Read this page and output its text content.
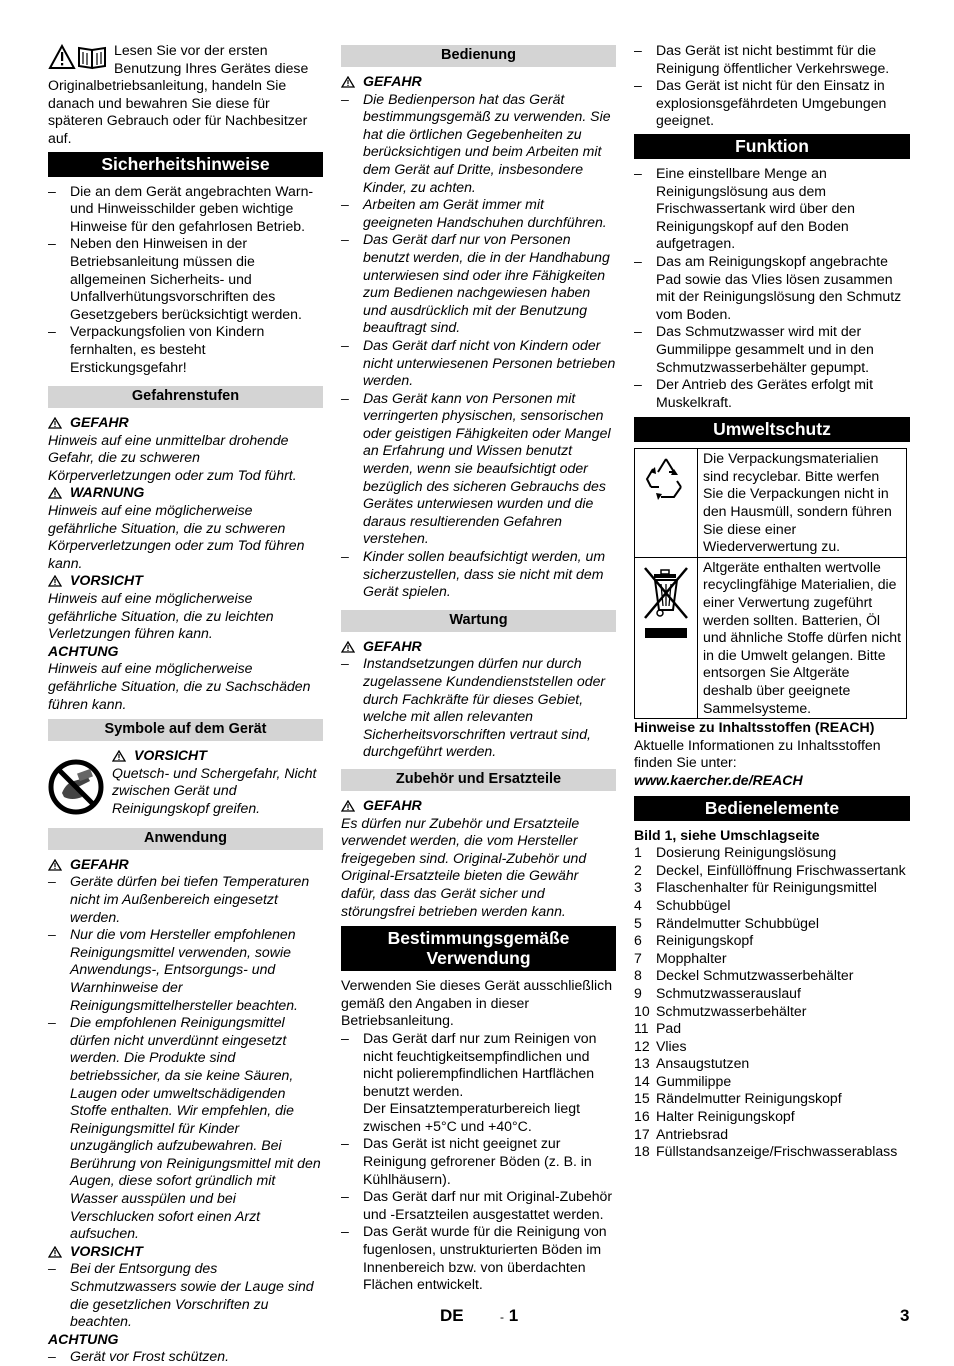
Lesen Sie vor der ersten Benutzung Ihres Gerätes diese Originalbetriebsanleitung, handeln Sie danach und bewahren Sie diese für späteren Gebrauch oder für Nachbesitzer auf.

Sicherheitshinweise

– Die an dem Gerät angebrachten Warn- und Hinweisschilder geben wichtige Hinweise für den gefahrlosen Betrieb.

– Neben den Hinweisen in der Betriebsanleitung müssen die allgemeinen Sicherheits- und Unfallverhütungsvorschriften des Gesetzgebers berücksichtigt werden.

– Verpackungsfolien von Kindern fernhalten, es besteht Erstickungsgefahr!

Gefahrenstufen
GEFAHR

Hinweis auf eine unmittelbar drohende Gefahr, die zu schweren Körperverletzungen oder zum Tod führt.

WARNUNG

Hinweis auf eine möglicherweise gefährliche Situation, die zu schweren Körperverletzungen oder zum Tod führen kann.

VORSICHT

Hinweis auf eine möglicherweise gefährliche Situation, die zu leichten Verletzungen führen kann.

ACHTUNG

Hinweis auf eine möglicherweise gefährliche Situation, die zu Sachschäden führen kann.

Symbole auf dem Gerät
VORSICHT

Quetsch- und Schergefahr, Nicht zwischen Gerät und Reinigungskopf greifen.

Anwendung
GEFAHR

– Geräte dürfen bei tiefen Temperaturen nicht im Außenbereich eingesetzt werden.

– Nur die vom Hersteller empfohlenen Reinigungsmittel verwenden, sowie Anwendungs-, Entsorgungs- und Warnhinweise der Reinigungsmittelhersteller beachten.

– Die empfohlenen Reinigungsmittel dürfen nicht unverdünnt eingesetzt werden. Die Produkte sind betriebssicher, da sie keine Säuren, Laugen oder umweltschädigenden Stoffe enthalten. Wir empfehlen, die Reinigungsmittel für Kinder unzugänglich aufzubewahren. Bei Berührung von Reinigungsmittel mit den Augen, diese sofort gründlich mit Wasser ausspülen und bei Verschlucken sofort einen Arzt aufsuchen.

VORSICHT

– Bei der Entsorgung des Schmutzwassers sowie der Lauge sind die gesetzlichen Vorschriften zu beachten.

ACHTUNG

– Gerät vor Frost schützen.

Bedienung
GEFAHR

– Die Bedienperson hat das Gerät bestimmungsgemäß zu verwenden. Sie hat die örtlichen Gegebenheiten zu berücksichtigen und beim Arbeiten mit dem Gerät auf Dritte, insbesondere Kinder, zu achten.

– Arbeiten am Gerät immer mit geeigneten Handschuhen durchführen.

– Das Gerät darf nur von Personen benutzt werden, die in der Handhabung unterwiesen sind oder ihre Fähigkeiten zum Bedienen nachgewiesen haben und ausdrücklich mit der Benutzung beauftragt sind.

– Das Gerät darf nicht von Kindern oder nicht unterwiesenen Personen betrieben werden.

– Das Gerät kann von Personen mit verringerten physischen, sensorischen oder geistigen Fähigkeiten oder Mangel an Erfahrung und Wissen benutzt werden, wenn sie beaufsichtigt oder bezüglich des sicheren Gebrauchs des Gerätes unterwiesen wurden und die daraus resultierenden Gefahren verstehen.

– Kinder sollen beaufsichtigt werden, um sicherzustellen, dass sie nicht mit dem Gerät spielen.

Wartung
GEFAHR

– Instandsetzungen dürfen nur durch zugelassene Kundendienststellen oder durch Fachkräfte für dieses Gebiet, welche mit allen relevanten Sicherheitsvorschriften vertraut sind, durchgeführt werden.

Zubehör und Ersatzteile
GEFAHR

Es dürfen nur Zubehör und Ersatzteile verwendet werden, die vom Hersteller freigegeben sind. Original-Zubehör und Original-Ersatzteile bieten die Gewähr dafür, dass das Gerät sicher und störungsfrei betrieben werden kann.

Bestimmungsgemäße
Verwendung

Verwenden Sie dieses Gerät ausschließlich gemäß den Angaben in dieser Betriebsanleitung.

– Das Gerät darf nur zum Reinigen von nicht feuchtigkeitsempfindlichen und nicht polierempfindlichen Hartflächen benutzt werden.

Der Einsatztemperaturbereich liegt zwischen +5°C und +40°C.

– Das Gerät ist nicht geeignet zur Reinigung gefrorener Böden (z. B. in Kühlhäusern).

– Das Gerät darf nur mit Original-Zubehör und -Ersatzteilen ausgestattet werden.

– Das Gerät wurde für die Reinigung von fugenlosen, unstrukturierten Böden im Innenbereich bzw. von überdachten Flächen entwickelt.

– Das Gerät ist nicht bestimmt für die Reinigung öffentlicher Verkehrswege.

– Das Gerät ist nicht für den Einsatz in explosionsgefährdeten Umgebungen geeignet.

Funktion

– Eine einstellbare Menge an Reinigungslösung aus dem Frischwassertank wird über den Reinigungskopf auf den Boden aufgetragen.

– Das am Reinigungskopf angebrachte Pad sowie das Vlies lösen zusammen mit der Reinigungslösung den Schmutz vom Boden.

– Das Schmutzwasser wird mit der Gummilippe gesammelt und in den Schmutzwasserbehälter gepumpt.

– Der Antrieb des Gerätes erfolgt mit Muskelkraft.

Umweltschutz
	Die Verpackungsmaterialien sind recyclebar. Bitte werfen Sie die Verpackungen nicht in den Hausmüll, sondern führen Sie diese einer Wiederverwertung zu.
	Altgeräte enthalten wertvolle recyclingfähige Materialien, die einer Verwertung zugeführt werden sollten. Batterien, Öl und ähnliche Stoffe dürfen nicht in die Umwelt gelangen. Bitte entsorgen Sie Altgeräte deshalb über geeignete Sammelsysteme.

Hinweise zu Inhaltsstoffen (REACH)

Aktuelle Informationen zu Inhaltsstoffen finden Sie unter:

www.kaercher.de/REACH

Bedienelemente

Bild 1, siehe Umschlagseite

1	Dosierung Reinigungslösung
2	Deckel, Einfüllöffnung Frischwassertank
3	Flaschenhalter für Reinigungsmittel
4	Schubbügel
5	Rändelmutter Schubbügel
6	Reinigungskopf
7	Mopphalter
8	Deckel Schmutzwasserbehälter
9	Schmutzwasserauslauf
10 Schmutzwasserbehälter
11 Pad
12 Vlies
13 Ansaugstutzen
14 Gummilippe
15 Rändelmutter Reinigungskopf
16 Halter Reinigungskopf
17 Antriebsrad
18 Füllstandsanzeige/Frischwasserablass
DE	- 1	3
